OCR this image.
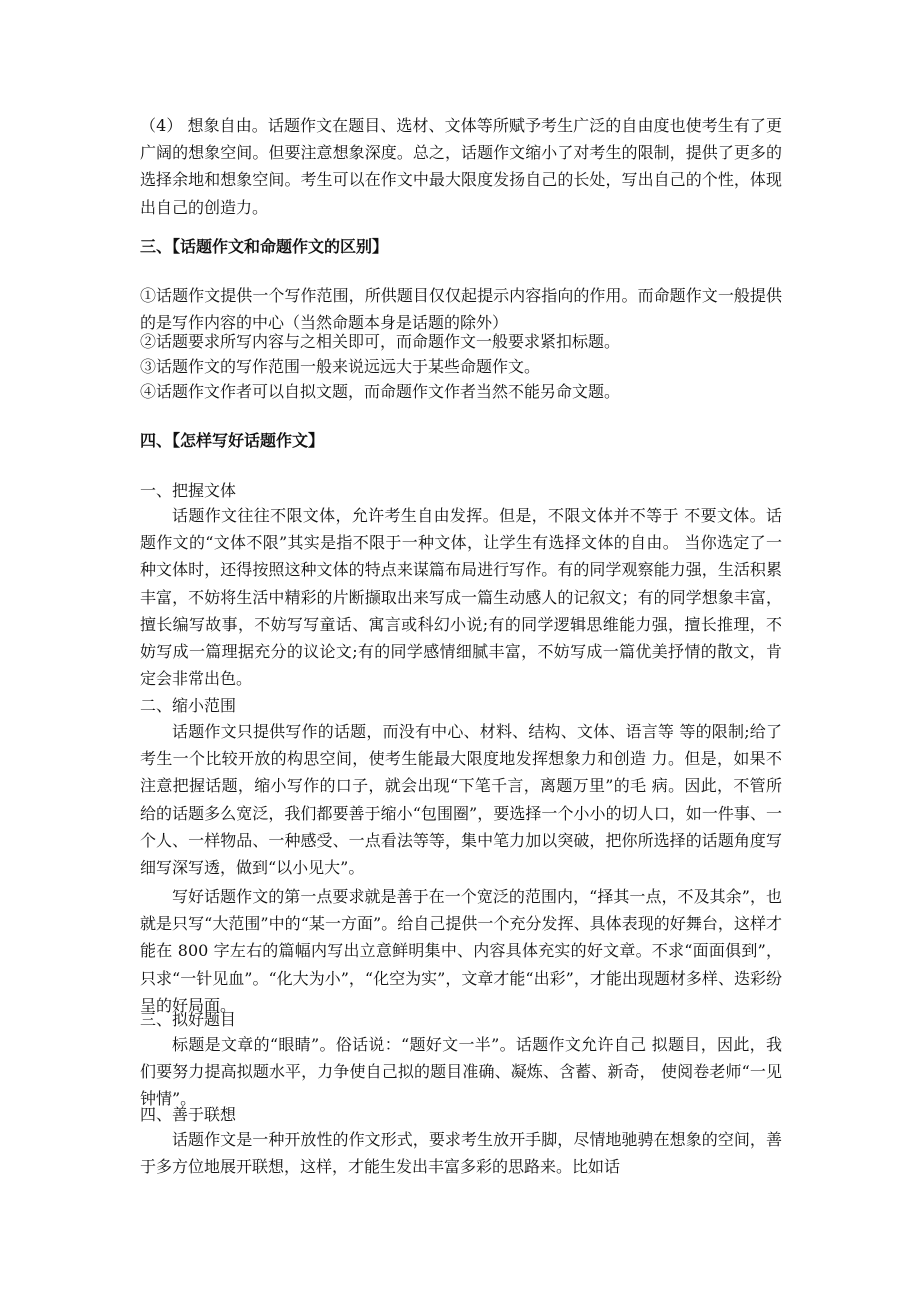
（4） 想象自由。话题作文在题目、选材、文体等所赋予考生广泛的自由度也使考生有了更广阔的想象空间。但要注意想象深度。总之，话题作文缩小了对考生的限制，提供了更多的选择余地和想象空间。考生可以在作文中最大限度发扬自己的长处，写出自己的个性，体现出自己的创造力。

三、【话题作文和命题作文的区别】

①话题作文提供一个写作范围，所供题目仅仅起提示内容指向的作用。而命题作文一般提供的是写作内容的中心（当然命题本身是话题的除外）

②话题要求所写内容与之相关即可，而命题作文一般要求紧扣标题。

③话题作文的写作范围一般来说远远大于某些命题作文。

④话题作文作者可以自拟文题，而命题作文作者当然不能另命文题。

四、【怎样写好话题作文】

一、把握文体

话题作文往往不限文体，允许考生自由发挥。但是，不限文体并不等于 不要文体。话题作文的“文体不限”其实是指不限于一种文体，让学生有选择文体的自由。 当你选定了一种文体时，还得按照这种文体的特点来谋篇布局进行写作。有的同学观察能力强，生活积累丰富，不妨将生活中精彩的片断撷取出来写成一篇生动感人的记叙文；有的同学想象丰富，擅长编写故事，不妨写写童话、寓言或科幻小说;有的同学逻辑思维能力强，擅长推理，不妨写成一篇理据充分的议论文;有的同学感情细腻丰富，不妨写成一篇优美抒情的散文，肯定会非常出色。

二、缩小范围

话题作文只提供写作的话题，而没有中心、材料、结构、文体、语言等 等的限制;给了考生一个比较开放的构思空间，使考生能最大限度地发挥想象力和创造 力。但是，如果不注意把握话题，缩小写作的口子，就会出现“下笔千言，离题万里”的毛 病。因此，不管所给的话题多么宽泛，我们都要善于缩小“包围圈”，要选择一个小小的切人口，如一件事、一个人、一样物品、一种感受、一点看法等等，集中笔力加以突破，把你所选择的话题角度写细写深写透，做到“以小见大”。

写好话题作文的第一点要求就是善于在一个宽泛的范围内，“择其一点，不及其余”，也就是只写“大范围”中的“某一方面”。给自己提供一个充分发挥、具体表现的好舞台，这样才能在 800 字左右的篇幅内写出立意鲜明集中、内容具体充实的好文章。不求“面面俱到”，只求“一针见血”。“化大为小”，“化空为实”，文章才能“出彩”，才能出现题材多样、迭彩纷呈的好局面。

三、拟好题目

标题是文章的“眼睛”。俗话说：“题好文一半”。话题作文允许自己 拟题目，因此，我们要努力提高拟题水平，力争使自己拟的题目准确、凝炼、含蓄、新奇， 使阅卷老师“一见钟情”。

四、善于联想

话题作文是一种开放性的作文形式，要求考生放开手脚，尽情地驰骋在想象的空间，善于多方位地展开联想，这样，才能生发出丰富多彩的思路来。比如话
